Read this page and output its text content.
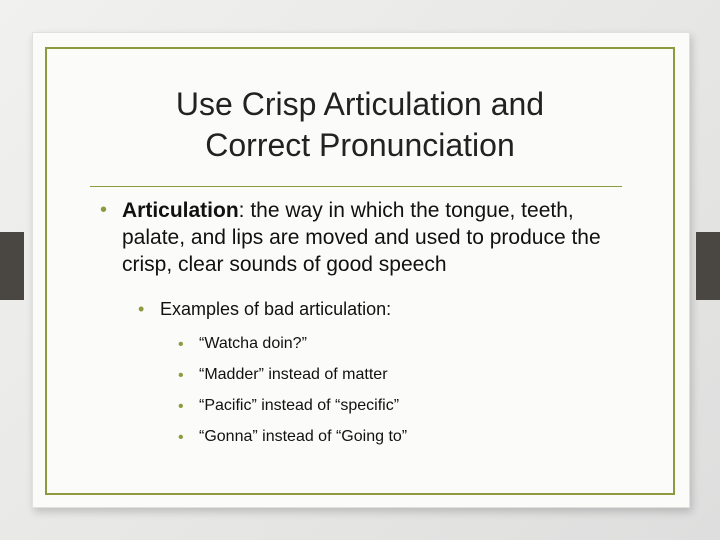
Use Crisp Articulation and
Correct Pronunciation

• Articulation: the way in which the tongue, teeth, palate, and lips are moved and used to produce the crisp, clear sounds of good speech

• Examples of bad articulation:
• “Watcha doin?”
• “Madder” instead of matter
• “Pacific” instead of “specific”
• “Gonna” instead of “Going to”
